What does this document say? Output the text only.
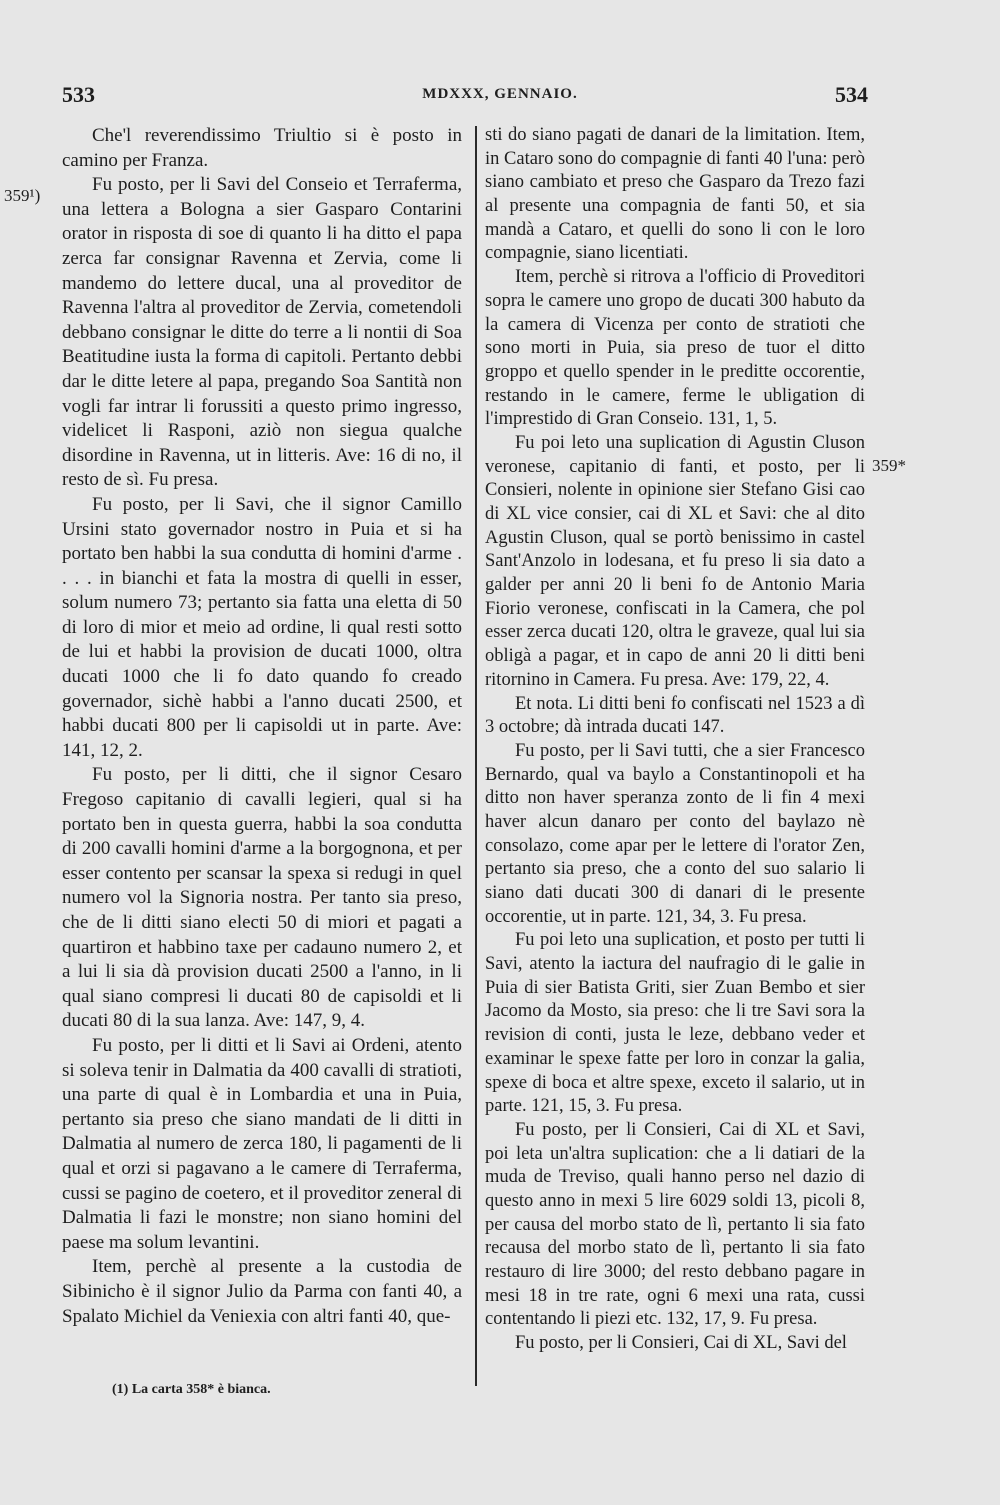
533	MDXXX, GENNAIO.	534
359¹)
359*

Che'l reverendissimo Triultio si è posto in camino per Franza.

Fu posto, per li Savi del Conseio et Terraferma, una lettera a Bologna a sier Gasparo Contarini orator in risposta di soe di quanto li ha ditto el papa zerca far consignar Ravenna et Zervia, come li mandemo do lettere ducal, una al proveditor de Ravenna l'altra al proveditor de Zervia, cometendoli debbano consignar le ditte do terre a li nontii di Soa Beatitudine iusta la forma di capitoli. Pertanto debbi dar le ditte letere al papa, pregando Soa Santità non vogli far intrar li forussiti a questo primo ingresso, videlicet li Rasponi, aziò non siegua qualche disordine in Ravenna, ut in litteris. Ave: 16 di no, il resto de sì. Fu presa.

Fu posto, per li Savi, che il signor Camillo Ursini stato governador nostro in Puia et si ha portato ben habbi la sua condutta di homini d'arme . . . . in bianchi et fata la mostra di quelli in esser, solum numero 73; pertanto sia fatta una eletta di 50 di loro di mior et meio ad ordine, li qual resti sotto de lui et habbi la provision de ducati 1000, oltra ducati 1000 che li fo dato quando fo creado governador, sichè habbi a l'anno ducati 2500, et habbi ducati 800 per li capisoldi ut in parte. Ave: 141, 12, 2.

Fu posto, per li ditti, che il signor Cesaro Fregoso capitanio di cavalli legieri, qual si ha portato ben in questa guerra, habbi la soa condutta di 200 cavalli homini d'arme a la borgognona, et per esser contento per scansar la spexa si redugi in quel numero vol la Signoria nostra. Per tanto sia preso, che de li ditti siano electi 50 di miori et pagati a quartiron et habbino taxe per cadauno numero 2, et a lui li sia dà provision ducati 2500 a l'anno, in li qual siano compresi li ducati 80 de capisoldi et li ducati 80 di la sua lanza. Ave: 147, 9, 4.

Fu posto, per li ditti et li Savi ai Ordeni, atento si soleva tenir in Dalmatia da 400 cavalli di stratioti, una parte di qual è in Lombardia et una in Puia, pertanto sia preso che siano mandati de li ditti in Dalmatia al numero de zerca 180, li pagamenti de li qual et orzi si pagavano a le camere di Terraferma, cussi se pagino de coetero, et il proveditor zeneral di Dalmatia li fazi le monstre; non siano homini del paese ma solum levantini.

Item, perchè al presente a la custodia de Sibinicho è il signor Julio da Parma con fanti 40, a Spalato Michiel da Veniexia con altri fanti 40, que-

sti do siano pagati de danari de la limitation. Item, in Cataro sono do compagnie di fanti 40 l'una: però siano cambiato et preso che Gasparo da Trezo fazi al presente una compagnia de fanti 50, et sia mandà a Cataro, et quelli do sono li con le loro compagnie, siano licentiati.

Item, perchè si ritrova a l'officio di Proveditori sopra le camere uno gropo de ducati 300 habuto da la camera di Vicenza per conto de stratioti che sono morti in Puia, sia preso de tuor el ditto groppo et quello spender in le preditte occorentie, restando in le camere, ferme le ubligation di l'imprestido di Gran Conseio. 131, 1, 5.

Fu poi leto una suplication di Agustin Cluson veronese, capitanio di fanti, et posto, per li Consieri, nolente in opinione sier Stefano Gisi cao di XL vice consier, cai di XL et Savi: che al dito Agustin Cluson, qual se portò benissimo in castel Sant'Anzolo in lodesana, et fu preso li sia dato a galder per anni 20 li beni fo de Antonio Maria Fiorio veronese, confiscati in la Camera, che pol esser zerca ducati 120, oltra le graveze, qual lui sia obligà a pagar, et in capo de anni 20 li ditti beni ritornino in Camera. Fu presa. Ave: 179, 22, 4.

Et nota. Li ditti beni fo confiscati nel 1523 a dì 3 octobre; dà intrada ducati 147.

Fu posto, per li Savi tutti, che a sier Francesco Bernardo, qual va baylo a Constantinopoli et ha ditto non haver speranza zonto de li fin 4 mexi haver alcun danaro per conto del baylazo nè consolazo, come apar per le lettere di l'orator Zen, pertanto sia preso, che a conto del suo salario li siano dati ducati 300 di danari di le presente occorentie, ut in parte. 121, 34, 3. Fu presa.

Fu poi leto una suplication, et posto per tutti li Savi, atento la iactura del naufragio di le galie in Puia di sier Batista Griti, sier Zuan Bembo et sier Jacomo da Mosto, sia preso: che li tre Savi sora la revision di conti, justa le leze, debbano veder et examinar le spexe fatte per loro in conzar la galia, spexe di boca et altre spexe, exceto il salario, ut in parte. 121, 15, 3. Fu presa.

Fu posto, per li Consieri, Cai di XL et Savi, poi leta un'altra suplication: che a li datiari de la muda de Treviso, quali hanno perso nel dazio di questo anno in mexi 5 lire 6029 soldi 13, picoli 8, per causa del morbo stato de lì, pertanto li sia fato recausa del morbo stato de lì, pertanto li sia fato restauro di lire 3000; del resto debbano pagare in mesi 18 in tre rate, ogni 6 mexi una rata, cussi contentando li piezi etc. 132, 17, 9. Fu presa.

Fu posto, per li Consieri, Cai di XL, Savi del

(1) La carta 358* è bianca.
